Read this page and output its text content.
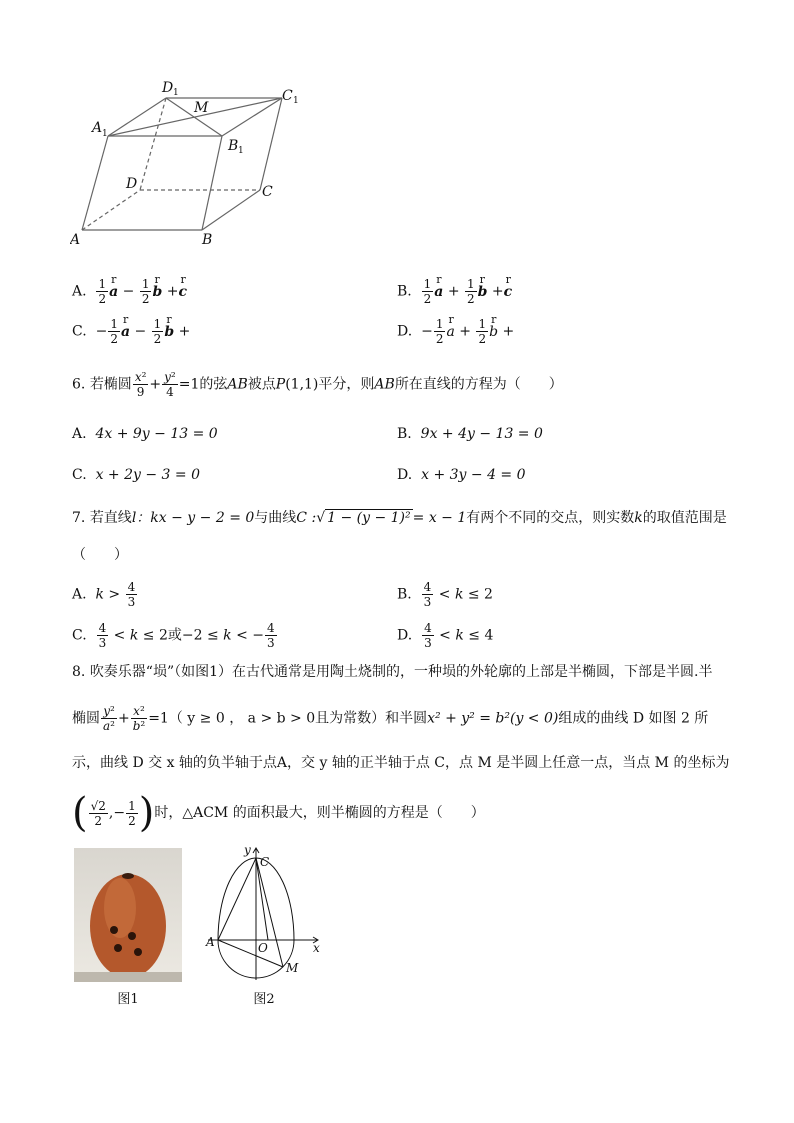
A	B
C
D
A
B
C
D
M
1
1
1
1
A. $\frac{1}{2}$ r $a - \frac{1}{2}$ r b +r c	B. $\frac{1}{2}$ r $a + \frac{1}{2}$ r b +r c
C. − $\frac{1}{2}$ r $a - \frac{1}{2}$ r b +	D. − $\frac{1}{2}$ r $a + \frac{1}{2}$ r b +
6. 若椭圆 $\frac{\text{x²}}{9} + \frac{\text{y²}}{4} =1$的弦AB被点P(1,1)平分，则AB所在直线的方程为（　　）
A. 4x + 9y − 13 = 0	B. 9x + 4y − 13 = 0
C. x + 2y − 3 = 0	D. x + 3y − 4 = 0
7. 若直线l：kx − y − 2 = 0与曲线C :√ 1 − (y − 1)² = x − 1有两个不同的交点，则实数k的取值范围是
（　　）
A. $k > \frac{4}{3}$	B. $\frac{4}{3} < k \le 2$
C. $\frac{4}{3} < k \le 2$或−2 ≤ k < − $\frac{4}{3}$	D. $\frac{4}{3} < k \le 4$
8. 吹奏乐器“埙”（如图1）在古代通常是用陶土烧制的，一种埙的外轮廓的上部是半椭圆，下部是半圆.半
椭圆 $\frac{\text{y²}}{\text{a²}} + \frac{\text{x²}}{\text{b²}} =1$（ y ≥ 0 ， a > b > 0且为常数）和半圆x² + y² = b²(y < 0)组成的曲线 D 如图 2 所
示，曲线 D 交 x 轴的负半轴于点A，交 y 轴的正半轴于点 C，点 M 是半圆上任意一点，当点 M 的坐标为
( $\frac{√2}{2}$ ,− $\frac{1}{2}$ )时，△ACM 的面积最大，则半椭圆的方程是（　　）
图1
y
x
C
A	O
M
图2
